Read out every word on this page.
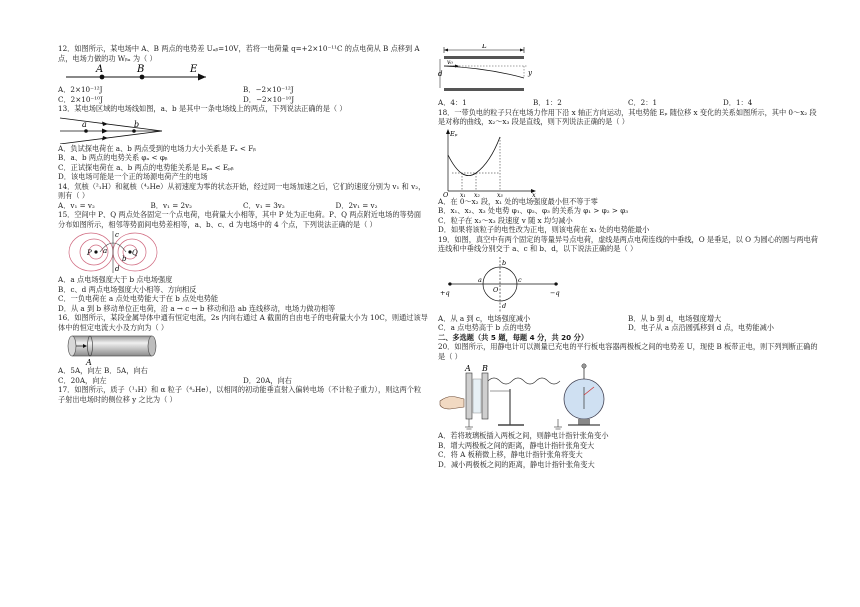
12．如图所示，某电场中 A、B 两点的电势差 Uₐᵦ=10V，若将一电荷量 q=+2×10⁻¹¹C 的点电荷从 B 点移到 A 点，电场力做的功 Wᵦₐ 为（ ）

A	B	E
A．2×10⁻¹²J	B．−2×10⁻¹²J
C．2×10⁻¹⁰J	D．−2×10⁻¹⁰J

13．某电场区域的电场线如图，a、b 是其中一条电场线上的两点，下列说法正确的是（ ）

a	b
A．负试探电荷在 a、b 两点受到的电场力大小关系是 Fₐ < Fᵦ
B．a、b 两点的电势关系 φₐ < φᵦ
C．正试探电荷在 a、b 两点的电势能关系是 Eₚₐ < Eₚᵦ
D．该电场可能是一个正的场源电荷产生的电场

14．氘核（²₁H）和氦核（⁴₂He）从初速度为零的状态开始，经过同一电场加速之后，它们的速度分别为 v₁ 和 v₂，则有（ ）

A．v₁ = v₂	B．v₁ = 2v₂	C．v₁ = 3v₂	D．2v₁ = v₂

15．空间中 P、Q 两点处各固定一个点电荷，电荷量大小相等，其中 P 处为正电荷。P、Q 两点附近电场的等势面分布如图所示，相邻等势面间电势差相等，a、b、c、d 为电场中的 4 个点，下列说法正确的是（ ）

P	Q
a
b
c
d
A．a 点电场强度大于 b 点电场强度
B．c、d 两点电场强度大小相等、方向相反
C．一负电荷在 a 点处电势能大于在 b 点处电势能
D．从 a 到 b 移动单位正电荷，沿 a → c → b 移动和沿 ab 连线移动，电场力做功相等

16．如图所示，某段金属导体中通有恒定电流，2s 内向右通过 A 截面的自由电子的电荷量大小为 10C，则通过该导体中的恒定电流大小及方向为（ ）

A
A．5A，向左 B．5A，向右
C．20A，向左	D．20A，向右

17．如图所示，质子（¹₁H）和 α 粒子（⁴₂He），以相同的初动能垂直射入偏转电场（不计粒子重力），则这两个粒子射出电场时的侧位移 y 之比为（ ）

L
d
v₀
y
A．4：1	B．1：2	C．2：1	D．1：4

18．一带负电的粒子只在电场力作用下沿 x 轴正方向运动，其电势能 Eₚ 随位移 x 变化的关系如图所示，其中 0～x₂ 段是对称的曲线，x₂～x₃ 段是直线，则下列说法正确的是（ ）

Eₚ
O x₁ x₂	x₃	x
A．在 0～x₂ 段，x₁ 处的电场强度最小但不等于零
B．x₁、x₂、x₃ 处电势 φ₁、φ₂、φ₃ 的关系为 φ₁ > φ₂ > φ₃
C．粒子在 x₂～x₃ 段速度 v 随 x 均匀减小
D．如果将该粒子的电性改为正电，则该电荷在 x₁ 处的电势能最小

19．如图，真空中有两个固定的等量异号点电荷，虚线是两点电荷连线的中垂线，O 是垂足，以 O 为圆心的圆与两电荷连线和中垂线分别交于 a、c 和 b、d，以下说法正确的是（ ）

+q	−q
a
b
c
d
O
A．从 a 到 c，电场强度减小	B．从 b 到 d，电场强度增大
C．a 点电势高于 b 点的电势	D．电子从 a 点沿圆弧移到 d 点，电势能减小

二、多选题（共 5 题，每题 4 分，共 20 分）

20．如图所示，用静电计可以测量已充电的平行板电容器两极板之间的电势差 U，现使 B 板带正电，则下列判断正确的是（ ）

A B
A．若将玻璃板插入两板之间，则静电计指针张角变小
B．增大两极板之间的距离，静电计指针张角变大
C．将 A 板稍微上移，静电计指针张角将变大
D．减小两极板之间的距离，静电计指针张角变大
